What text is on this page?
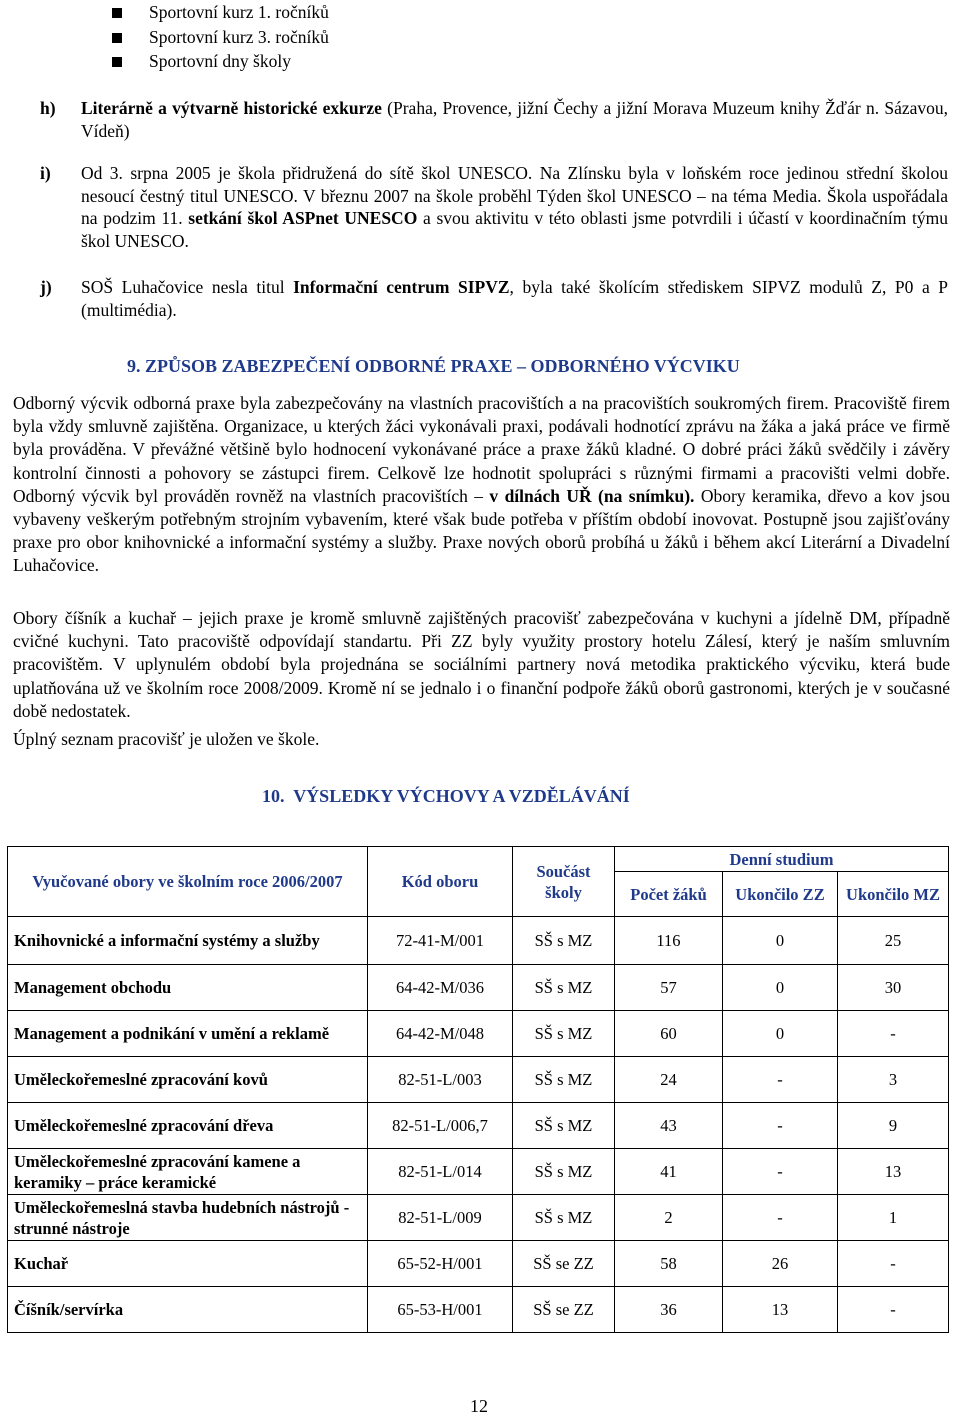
Sportovní kurz 1. ročníků
Sportovní kurz 3. ročníků
Sportovní dny školy
h) Literárně a výtvarně historické exkurze (Praha, Provence, jižní Čechy a jižní Morava Muzeum knihy Žďár n. Sázavou, Vídeň)
i) Od 3. srpna 2005 je škola přidružená do sítě škol UNESCO. Na Zlínsku byla v loňském roce jedinou střední školou nesoucí čestný titul UNESCO. V březnu 2007 na škole proběhl Týden škol UNESCO – na téma Media. Škola uspořádala na podzim 11. setkání škol ASPnet UNESCO a svou aktivitu v této oblasti jsme potvrdili i účastí v koordinačním týmu škol UNESCO.
j) SOŠ Luhačovice nesla titul Informační centrum SIPVZ, byla také školícím střediskem SIPVZ modulů Z, P0 a P (multimédia).
9. ZPŮSOB ZABEZPEČENÍ ODBORNÉ PRAXE – ODBORNÉHO VÝCVIKU
Odborný výcvik odborná praxe byla zabezpečovány na vlastních pracovištích a na pracovištích soukromých firem. Pracoviště firem byla vždy smluvně zajištěna. Organizace, u kterých žáci vykonávali praxi, podávali hodnotící zprávu na žáka a jaká práce ve firmě byla prováděna. V převážné většině bylo hodnocení vykonávané práce a praxe žáků kladné. O dobré práci žáků svědčily i závěry kontrolní činnosti a pohovory se zástupci firem. Celkově lze hodnotit spolupráci s různými firmami a pracovišti velmi dobře. Odborný výcvik byl prováděn rovněž na vlastních pracovištích – v dílnách UŘ (na snímku). Obory keramika, dřevo a kov jsou vybaveny veškerým potřebným strojním vybavením, které však bude potřeba v příštím období inovovat. Postupně jsou zajišťovány praxe pro obor knihovnické a informační systémy a služby. Praxe nových oborů probíhá u žáků i během akcí Literární a Divadelní Luhačovice.
Obory číšník a kuchař – jejich praxe je kromě smluvně zajištěných pracovišť zabezpečována v kuchyni a jídelně DM, případně cvičné kuchyni. Tato pracoviště odpovídají standartu. Při ZZ byly využity prostory hotelu Zálesí, který je naším smluvním pracovištěm. V uplynulém období byla projednána se sociálními partnery nová metodika praktického výcviku, která bude uplatňována už ve školním roce 2008/2009. Kromě ní se jednalo i o finanční podpoře žáků oborů gastronomi, kterých je v současné době nedostatek.
Úplný seznam pracovišť je uložen ve škole.
10. VÝSLEDKY VÝCHOVY A VZDĚLÁVÁNÍ
Vyučované obory ve školním roce 2006/2007	Kód oboru	Součást školy	Denní studium		
			Počet žáků	Ukončilo ZZ	Ukončilo MZ
Knihovnické a informační systémy a služby	72-41-M/001	SŠ s MZ	116	0	25
Management obchodu	64-42-M/036	SŠ s MZ	57	0	30
Management a podnikání v umění a reklamě	64-42-M/048	SŠ s MZ	60	0	-
Uměleckořemeslné zpracování kovů	82-51-L/003	SŠ s MZ	24	-	3
Uměleckořemeslné zpracování dřeva	82-51-L/006,7	SŠ s MZ	43	-	9
Uměleckořemeslné zpracování kamene a keramiky – práce keramické	82-51-L/014	SŠ s MZ	41	-	13
Uměleckořemeslná stavba hudebních nástrojů - strunné nástroje	82-51-L/009	SŠ s MZ	2	-	1
Kuchař	65-52-H/001	SŠ se ZZ	58	26	-
Číšník/servírka	65-53-H/001	SŠ se ZZ	36	13	-
12
